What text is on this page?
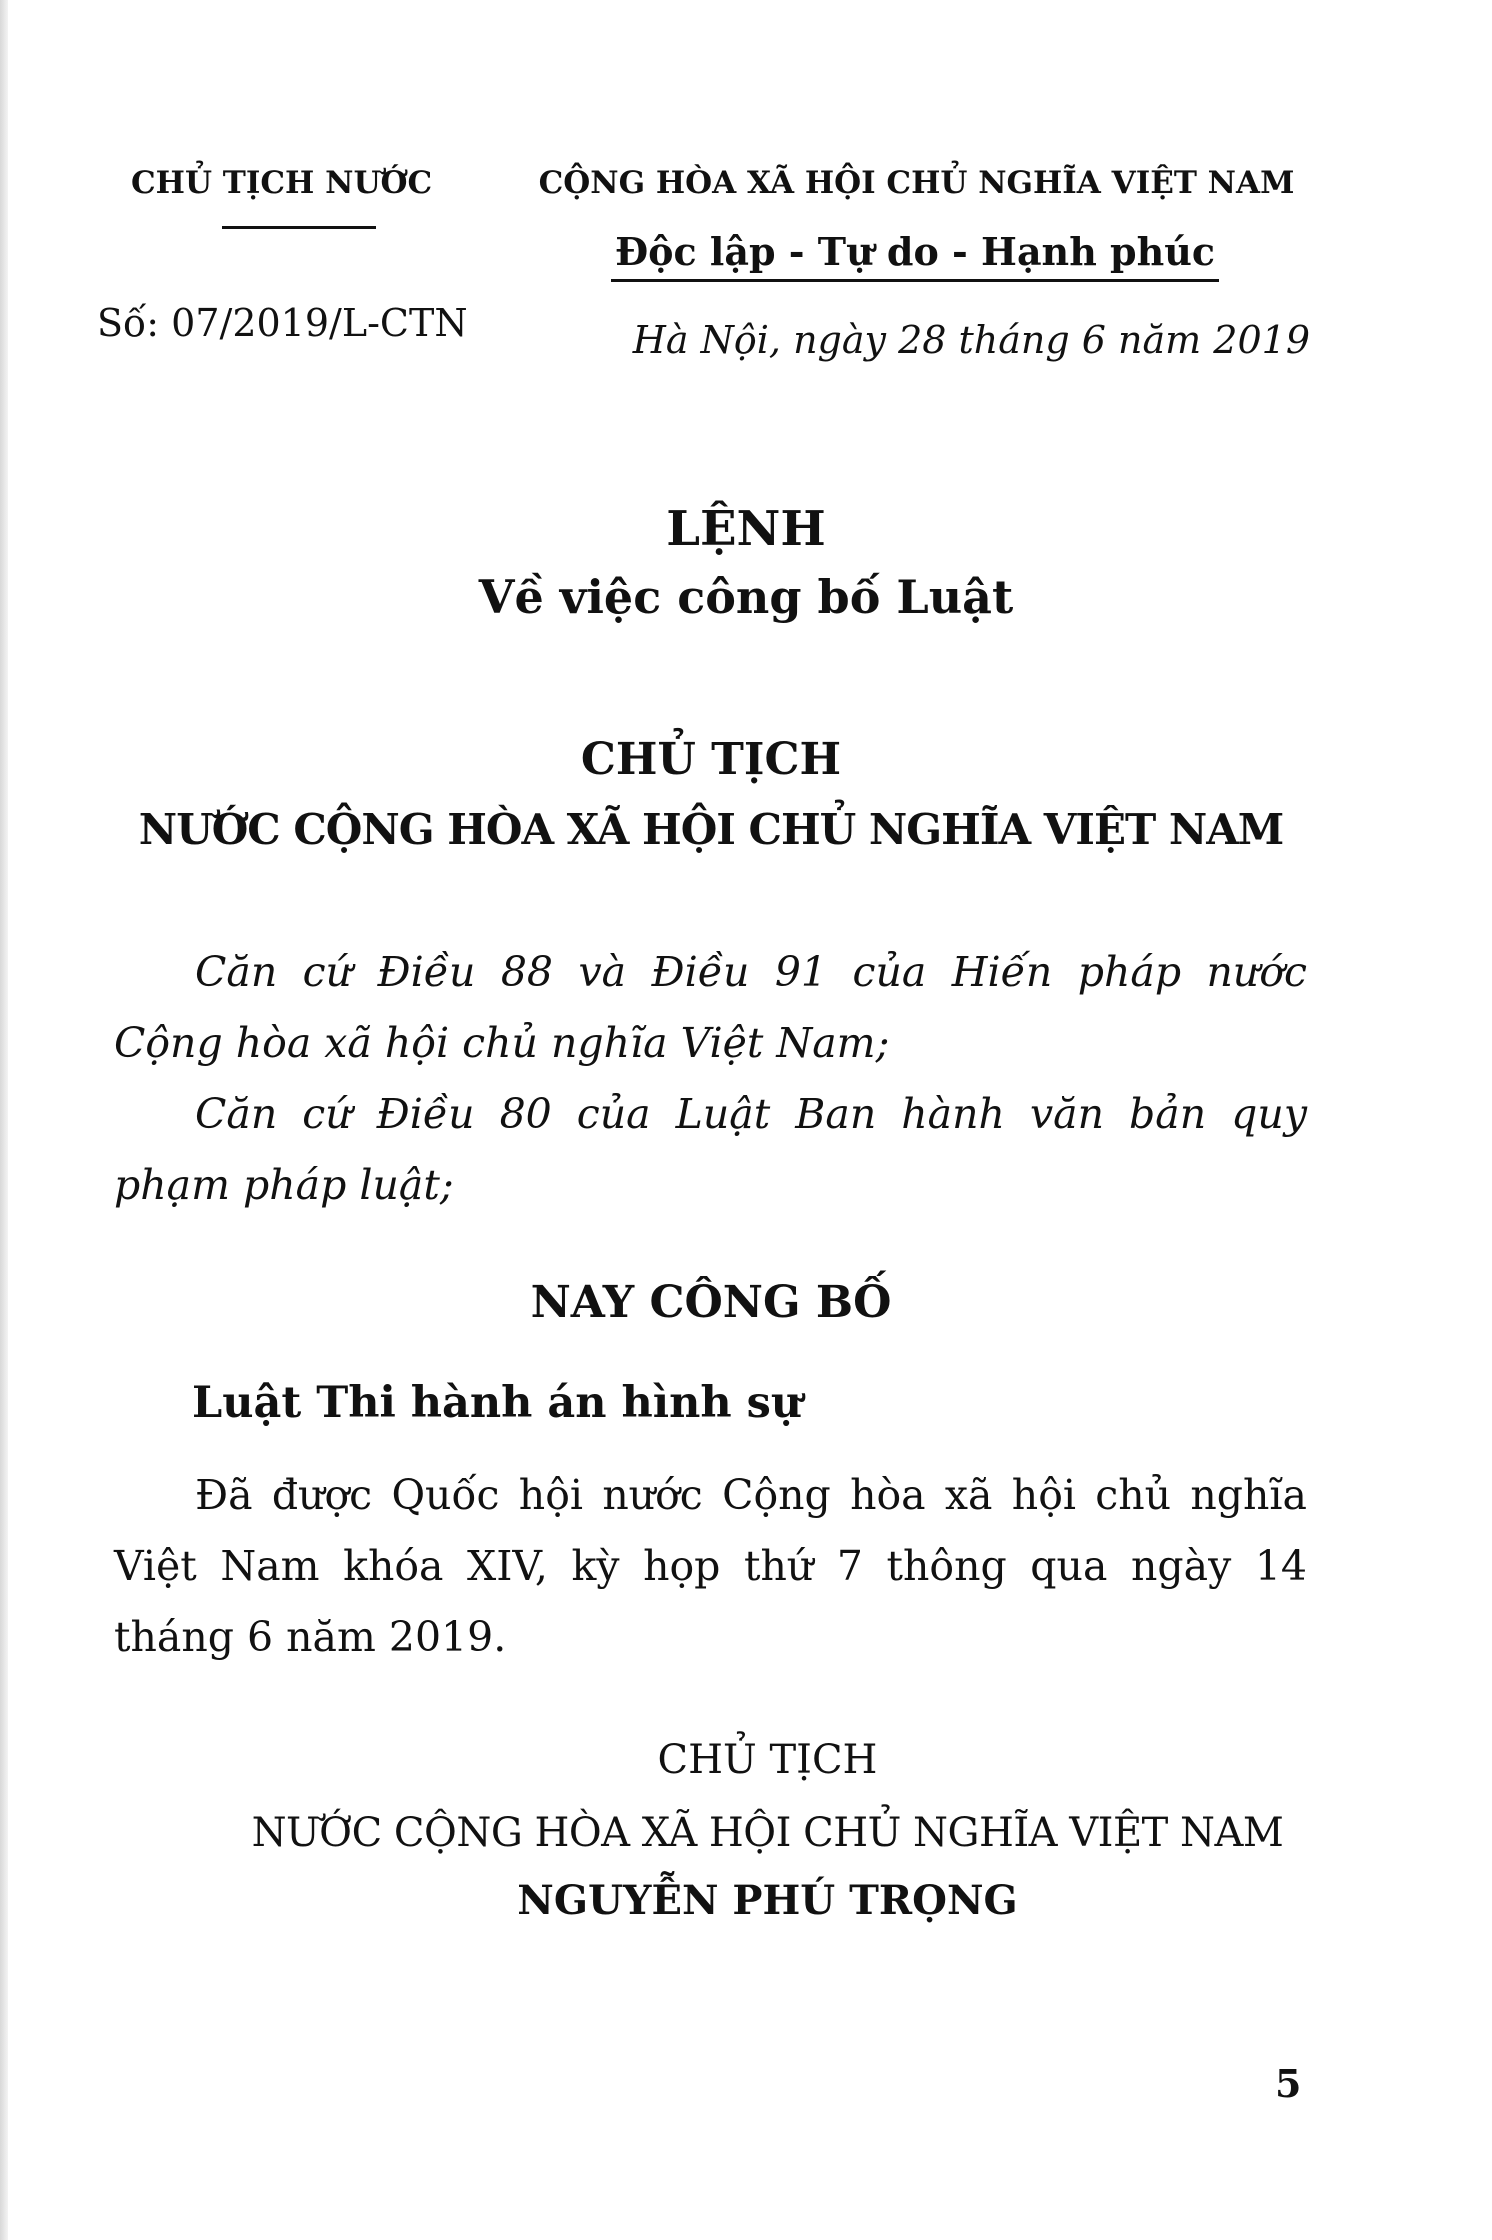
CHỦ TỊCH NƯỚC	CỘNG HÒA XÃ HỘI CHỦ NGHĨA VIỆT NAM
Độc lập - Tự do - Hạnh phúc
Số: 07/2019/L-CTN	Hà Nội, ngày 28 tháng 6 năm 2019
LỆNH
Về việc công bố Luật
CHỦ TỊCH
NƯỚC CỘNG HÒA XÃ HỘI CHỦ NGHĨA VIỆT NAM
Căn cứ Điều 88 và Điều 91 của Hiến pháp nước
Cộng hòa xã hội chủ nghĩa Việt Nam;
Căn cứ Điều 80 của Luật Ban hành văn bản quy
phạm pháp luật;
NAY CÔNG BỐ
Luật Thi hành án hình sự
Đã được Quốc hội nước Cộng hòa xã hội chủ nghĩa
Việt Nam khóa XIV, kỳ họp thứ 7 thông qua ngày 14
tháng 6 năm 2019.
CHỦ TỊCH
NƯỚC CỘNG HÒA XÃ HỘI CHỦ NGHĨA VIỆT NAM
NGUYỄN PHÚ TRỌNG
5
